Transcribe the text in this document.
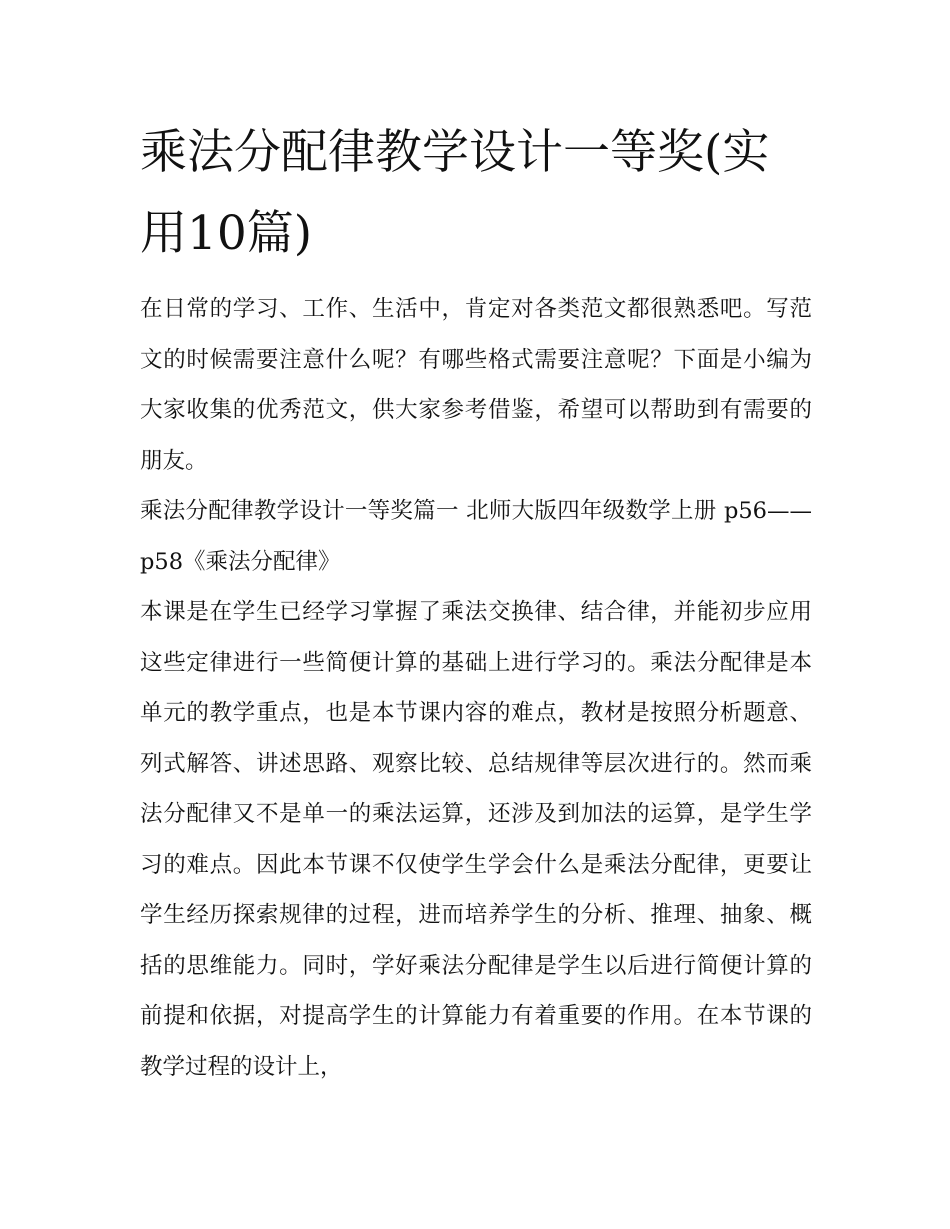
乘法分配律教学设计一等奖(实用10篇)

在日常的学习、工作、生活中，肯定对各类范文都很熟悉吧。写范文的时候需要注意什么呢？有哪些格式需要注意呢？下面是小编为大家收集的优秀范文，供大家参考借鉴，希望可以帮助到有需要的朋友。

乘法分配律教学设计一等奖篇一 北师大版四年级数学上册 p56——p58《乘法分配律》

本课是在学生已经学习掌握了乘法交换律、结合律，并能初步应用这些定律进行一些简便计算的基础上进行学习的。乘法分配律是本单元的教学重点，也是本节课内容的难点，教材是按照分析题意、列式解答、讲述思路、观察比较、总结规律等层次进行的。然而乘法分配律又不是单一的乘法运算，还涉及到加法的运算，是学生学习的难点。因此本节课不仅使学生学会什么是乘法分配律，更要让学生经历探索规律的过程，进而培养学生的分析、推理、抽象、概括的思维能力。同时，学好乘法分配律是学生以后进行简便计算的前提和依据，对提高学生的计算能力有着重要的作用。在本节课的教学过程的设计上，
